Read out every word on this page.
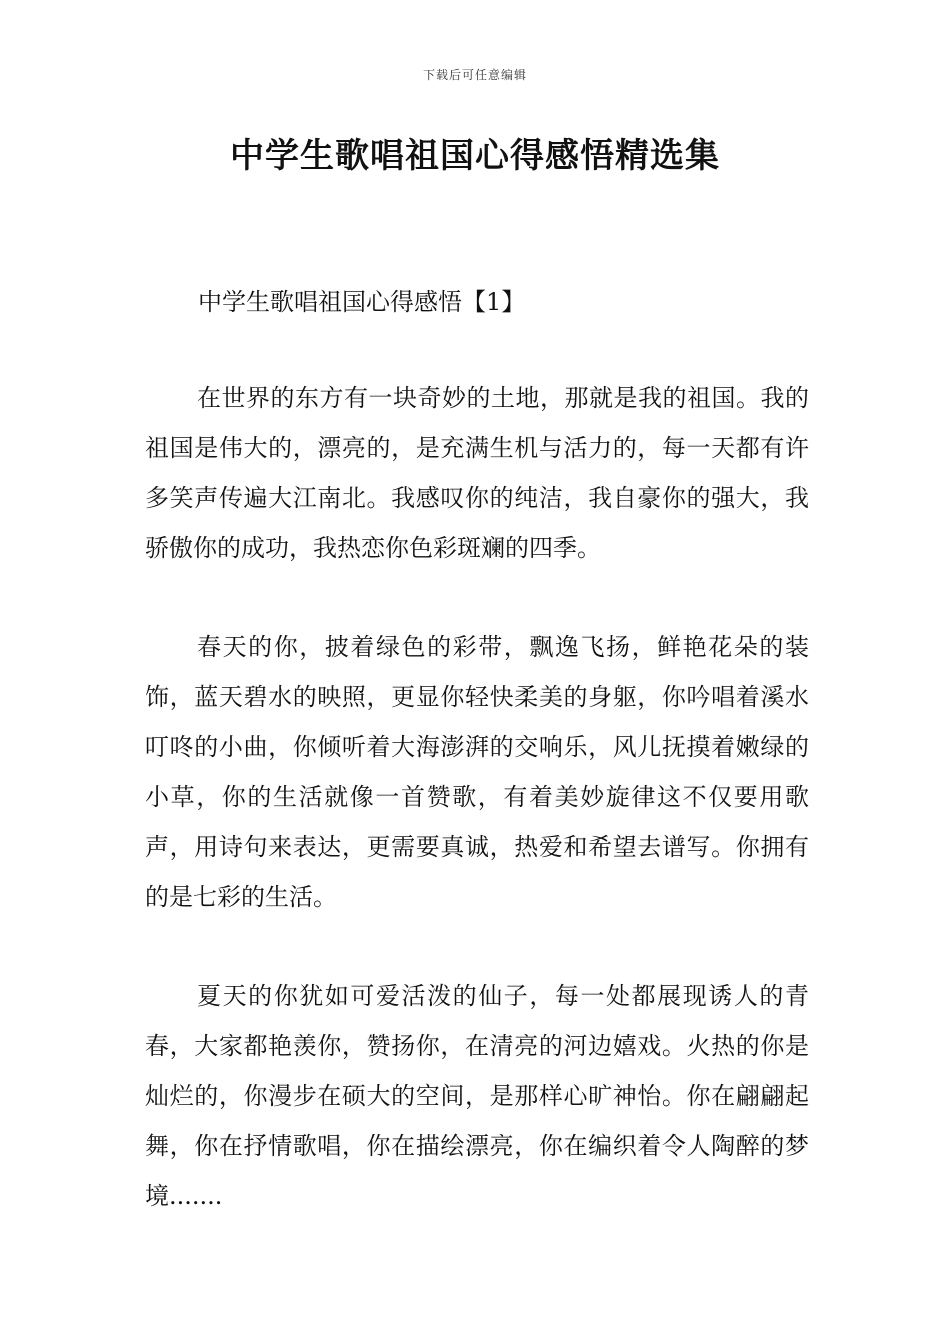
下载后可任意编辑
中学生歌唱祖国心得感悟精选集
中学生歌唱祖国心得感悟【1】

在世界的东方有一块奇妙的土地，那就是我的祖国。我的祖国是伟大的，漂亮的，是充满生机与活力的，每一天都有许多笑声传遍大江南北。我感叹你的纯洁，我自豪你的强大，我骄傲你的成功，我热恋你色彩斑斓的四季。

春天的你，披着绿色的彩带，飘逸飞扬，鲜艳花朵的装饰，蓝天碧水的映照，更显你轻快柔美的身躯，你吟唱着溪水叮咚的小曲，你倾听着大海澎湃的交响乐，风儿抚摸着嫩绿的小草，你的生活就像一首赞歌，有着美妙旋律这不仅要用歌声，用诗句来表达，更需要真诚，热爱和希望去谱写。你拥有的是七彩的生活。

夏天的你犹如可爱活泼的仙子，每一处都展现诱人的青春，大家都艳羡你，赞扬你，在清亮的河边嬉戏。火热的你是灿烂的，你漫步在硕大的空间，是那样心旷神怡。你在翩翩起舞，你在抒情歌唱，你在描绘漂亮，你在编织着令人陶醉的梦境.......
